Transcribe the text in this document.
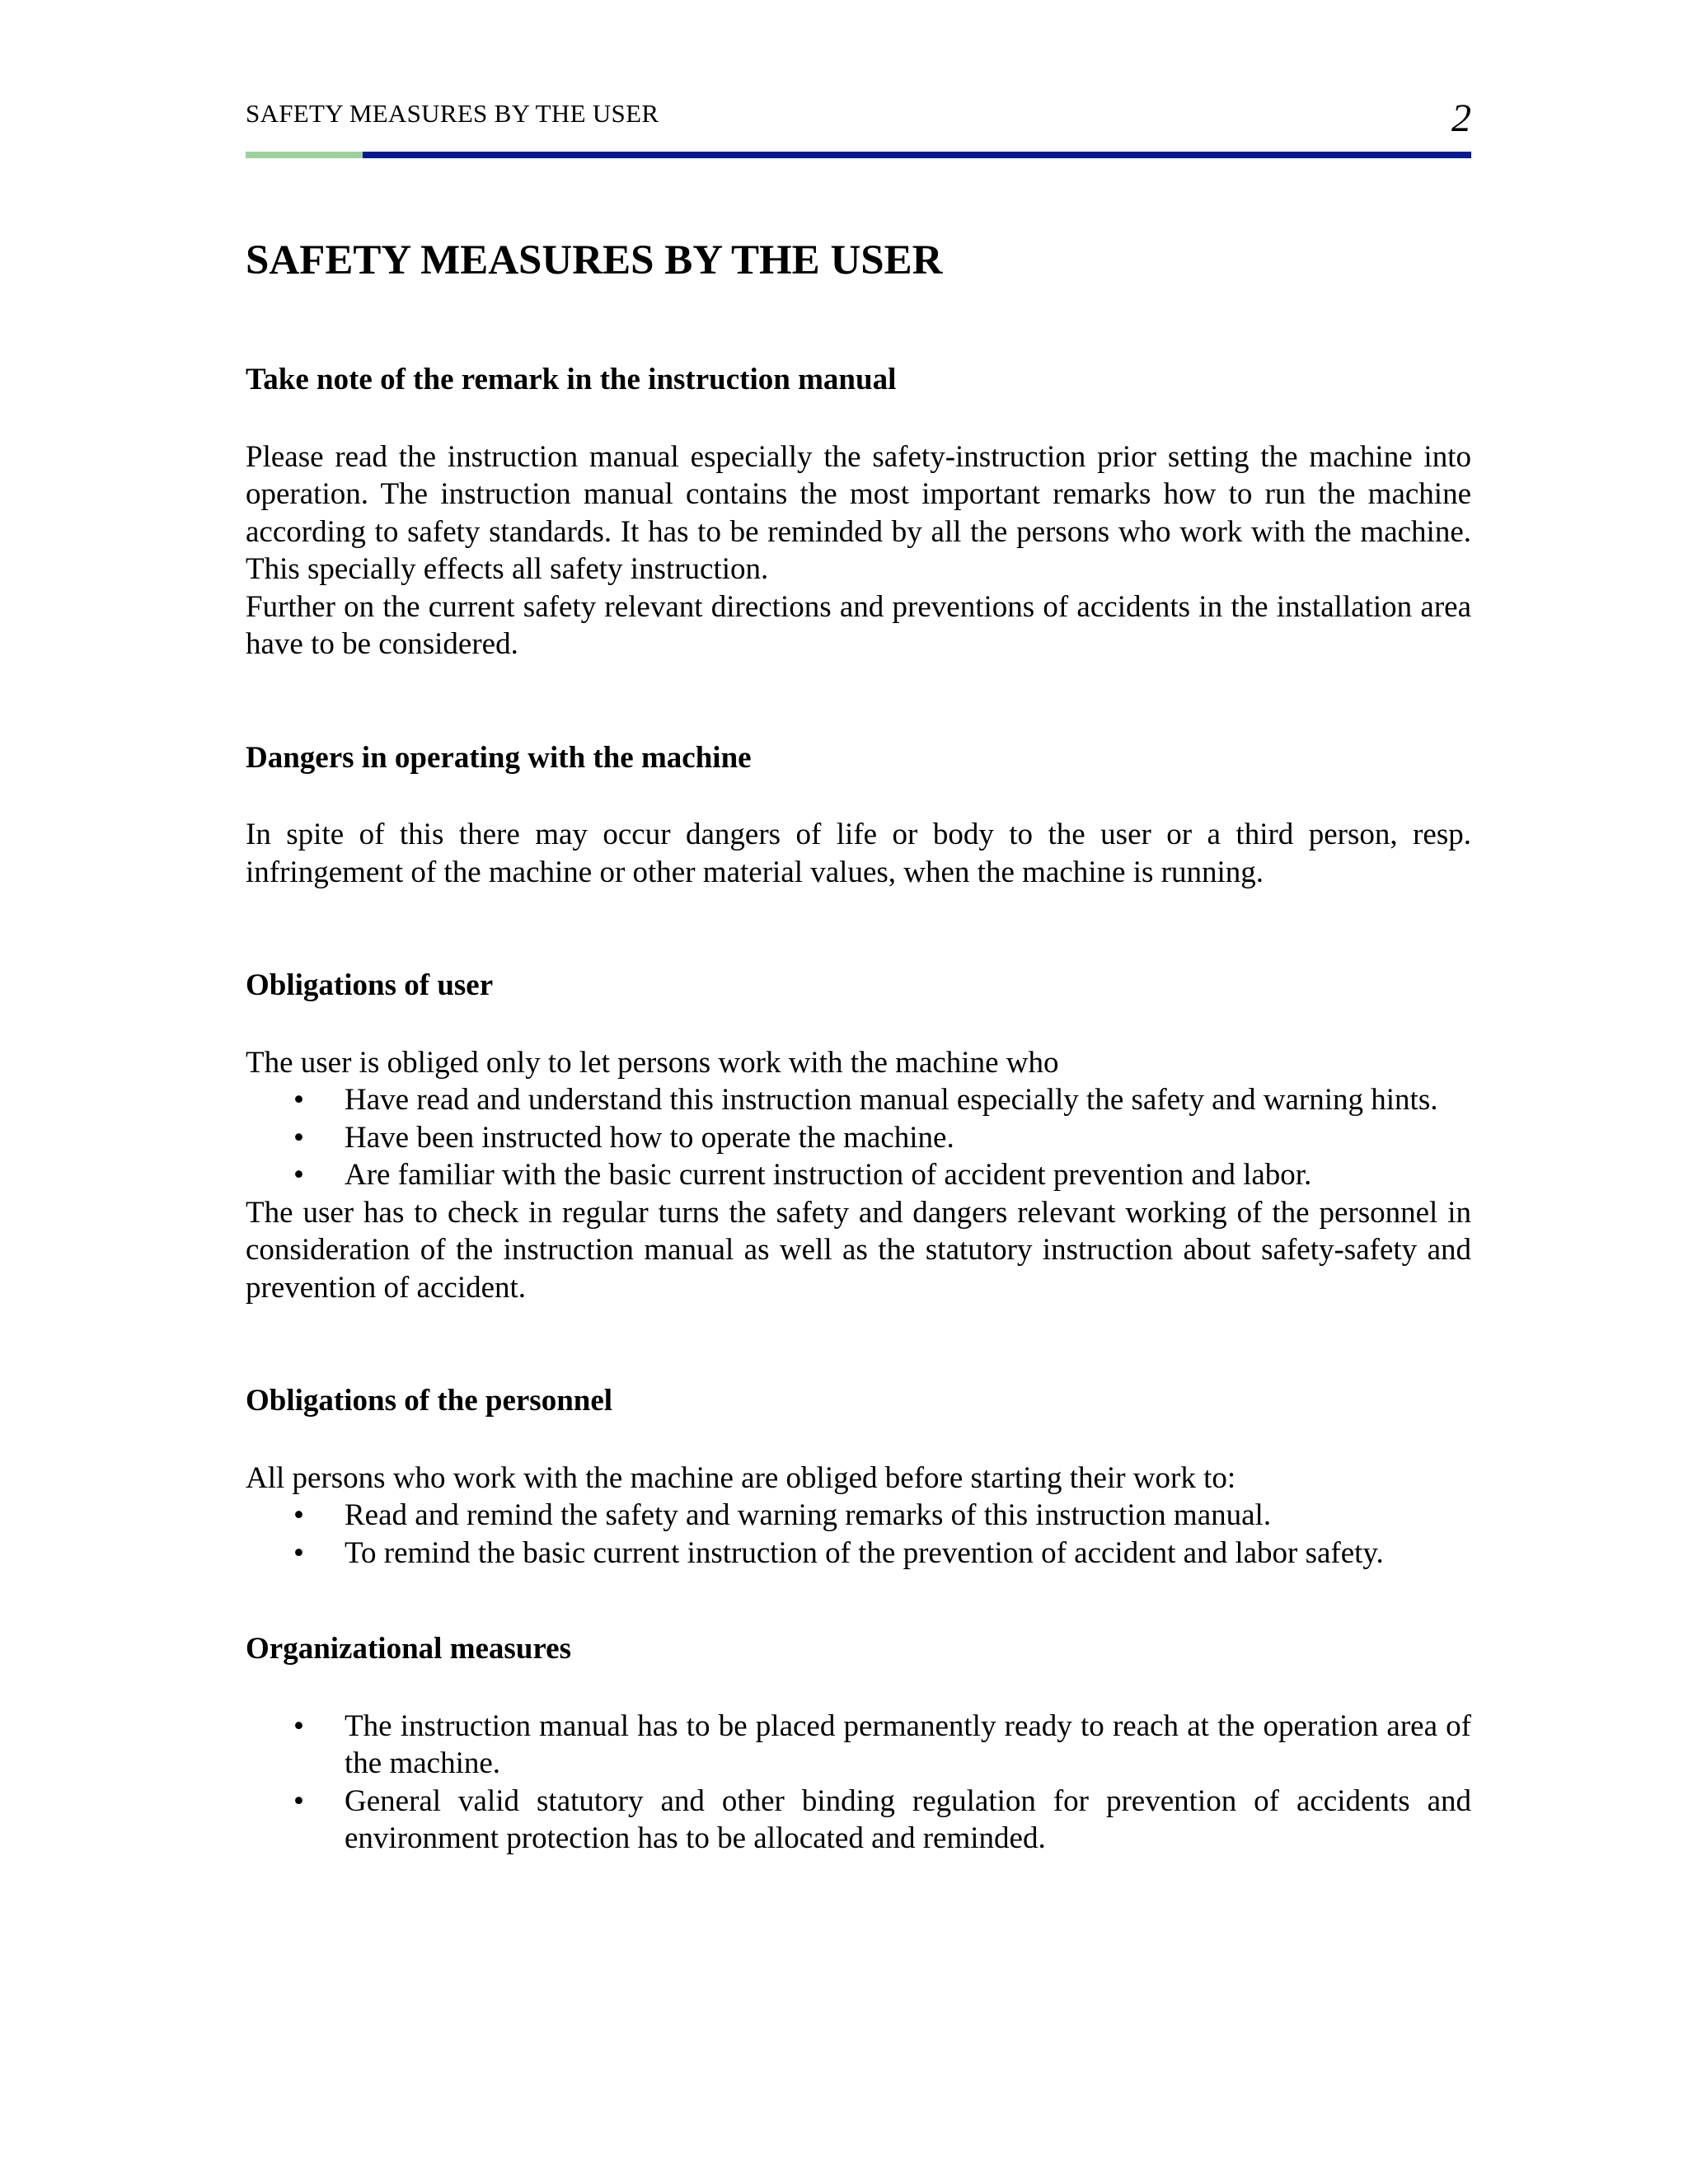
SAFETY MEASURES BY THE USER	2
SAFETY MEASURES BY THE USER
Take note of the remark in the instruction manual

Please read the instruction manual especially the safety-instruction prior setting the machine into operation. The instruction manual contains the most important remarks how to run the machine according to safety standards. It has to be reminded by all the persons who work with the machine. This specially effects all safety instruction.

Further on the current safety relevant directions and preventions of accidents in the installation area have to be considered.

Dangers in operating with the machine

In spite of this there may occur dangers of life or body to the user or a third person, resp. infringement of the machine or other material values, when the machine is running.

Obligations of user

The user is obliged only to let persons work with the machine who

• Have read and understand this instruction manual especially the safety and warning hints.
• Have been instructed how to operate the machine.
• Are familiar with the basic current instruction of accident prevention and labor.

The user has to check in regular turns the safety and dangers relevant working of the personnel in consideration of the instruction manual as well as the statutory instruction about safety-safety and prevention of accident.

Obligations of the personnel

All persons who work with the machine are obliged before starting their work to:

• Read and remind the safety and warning remarks of this instruction manual.
• To remind the basic current instruction of the prevention of accident and labor safety.
Organizational measures
• The instruction manual has to be placed permanently ready to reach at the operation area of the machine.
• General valid statutory and other binding regulation for prevention of accidents and environment protection has to be allocated and reminded.
